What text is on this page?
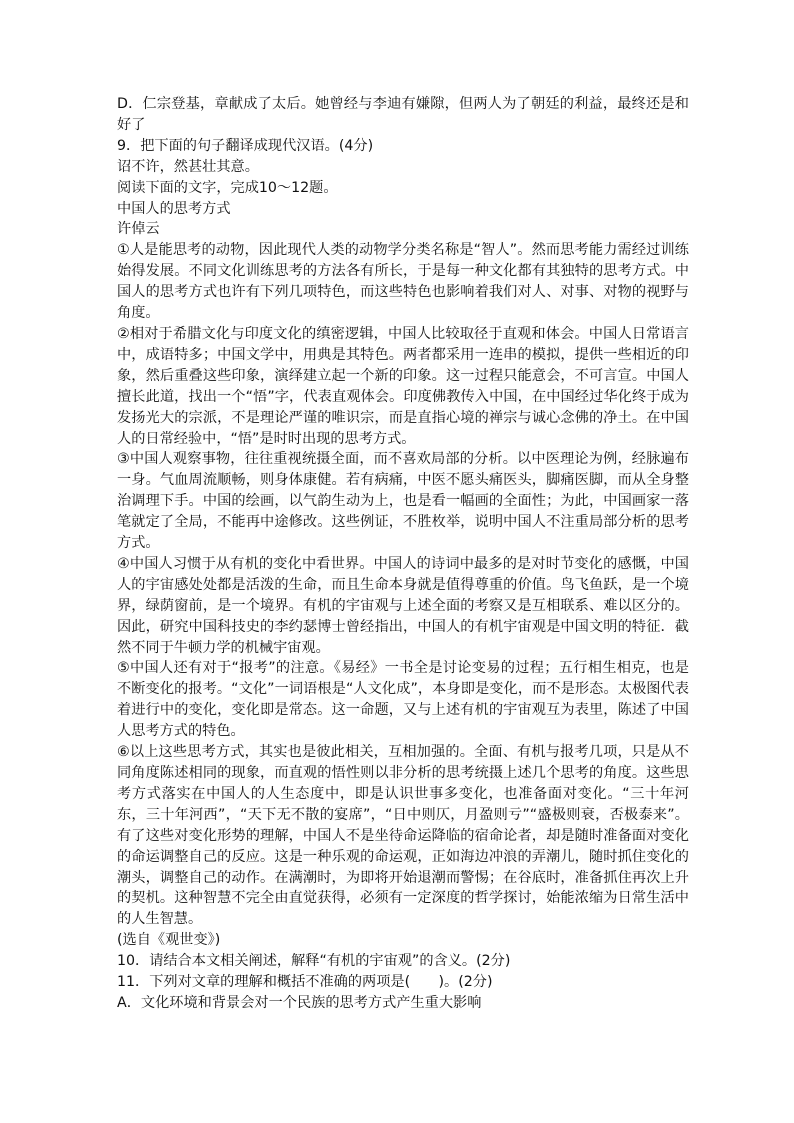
D．仁宗登基，章献成了太后。她曾经与李迪有嫌隙，但两人为了朝廷的利益，最终还是和好了

9．把下面的句子翻译成现代汉语。(4分)

诏不许，然甚壮其意。

阅读下面的文字，完成10～12题。

中国人的思考方式

许倬云

①人是能思考的动物，因此现代人类的动物学分类名称是“智人”。然而思考能力需经过训练始得发展。不同文化训练思考的方法各有所长，于是每一种文化都有其独特的思考方式。中国人的思考方式也许有下列几项特色，而这些特色也影响着我们对人、对事、对物的视野与角度。

②相对于希腊文化与印度文化的缜密逻辑，中国人比较取径于直观和体会。中国人日常语言中，成语特多；中国文学中，用典是其特色。两者都采用一连串的模拟，提供一些相近的印象，然后重叠这些印象，演绎建立起一个新的印象。这一过程只能意会，不可言宣。中国人擅长此道，找出一个“悟”字，代表直观体会。印度佛教传入中国，在中国经过华化终于成为发扬光大的宗派，不是理论严谨的唯识宗，而是直指心境的禅宗与诚心念佛的净土。在中国人的日常经验中，“悟”是时时出现的思考方式。

③中国人观察事物，往往重视统摄全面，而不喜欢局部的分析。以中医理论为例，经脉遍布一身。气血周流顺畅，则身体康健。若有病痛，中医不愿头痛医头，脚痛医脚，而从全身整治调理下手。中国的绘画，以气韵生动为上，也是看一幅画的全面性；为此，中国画家一落笔就定了全局，不能再中途修改。这些例证，不胜枚举，说明中国人不注重局部分析的思考方式。

④中国人习惯于从有机的变化中看世界。中国人的诗词中最多的是对时节变化的感慨，中国人的宇宙感处处都是活泼的生命，而且生命本身就是值得尊重的价值。鸟飞鱼跃，是一个境界，绿荫窗前，是一个境界。有机的宇宙观与上述全面的考察又是互相联系、难以区分的。因此，研究中国科技史的李约瑟博士曾经指出，中国人的有机宇宙观是中国文明的特征．截然不同于牛顿力学的机械宇宙观。

⑤中国人还有对于“报考”的注意。《易经》一书全是讨论变易的过程；五行相生相克，也是不断变化的报考。“文化”一词语根是“人文化成”，本身即是变化，而不是形态。太极图代表着进行中的变化，变化即是常态。这一命题，又与上述有机的宇宙观互为表里，陈述了中国人思考方式的特色。

⑥以上这些思考方式，其实也是彼此相关，互相加强的。全面、有机与报考几项，只是从不同角度陈述相同的现象，而直观的悟性则以非分析的思考统摄上述几个思考的角度。这些思考方式落实在中国人的人生态度中，即是认识世事多变化，也准备面对变化。“三十年河东，三十年河西”，“天下无不散的宴席”，“日中则仄，月盈则亏”“盛极则衰，否极泰来”。有了这些对变化形势的理解，中国人不是坐待命运降临的宿命论者，却是随时准备面对变化的命运调整自己的反应。这是一种乐观的命运观，正如海边冲浪的弄潮儿，随时抓住变化的潮头，调整自己的动作。在满潮时，为即将开始退潮而警惕；在谷底时，准备抓住再次上升的契机。这种智慧不完全由直觉获得，必须有一定深度的哲学探讨，始能浓缩为日常生活中的人生智慧。

(选自《观世变》)

10．请结合本文相关阐述，解释“有机的宇宙观”的含义。(2分)

11．下列对文章的理解和概括不准确的两项是(　　)。(2分)

A．文化环境和背景会对一个民族的思考方式产生重大影响
